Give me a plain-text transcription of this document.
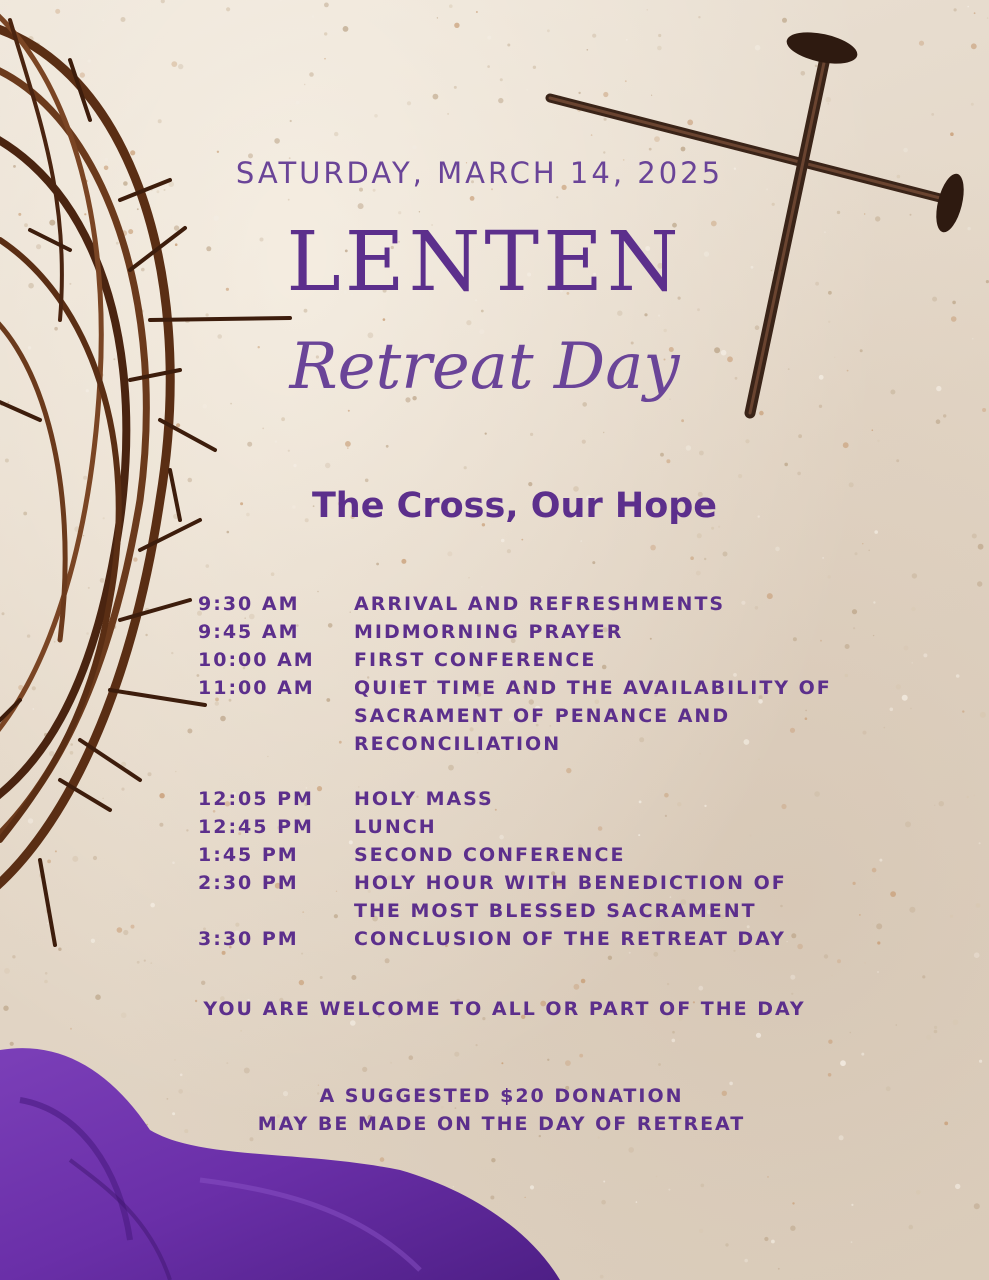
SATURDAY, MARCH 14, 2025
LENTEN
Retreat Day
The Cross, Our Hope
9:30 AM	ARRIVAL AND REFRESHMENTS
9:45 AM	MIDMORNING PRAYER
10:00 AM	FIRST CONFERENCE
11:00 AM	QUIET TIME AND THE AVAILABILITY OF
SACRAMENT OF PENANCE AND
RECONCILIATION
12:05 PM	HOLY MASS
12:45 PM	LUNCH
1:45 PM	SECOND CONFERENCE
2:30 PM	HOLY HOUR WITH BENEDICTION OF
THE MOST BLESSED SACRAMENT
3:30 PM	CONCLUSION OF THE RETREAT DAY
YOU ARE WELCOME TO ALL OR PART OF THE DAY
A SUGGESTED $20 DONATION
MAY BE MADE ON THE DAY OF RETREAT
